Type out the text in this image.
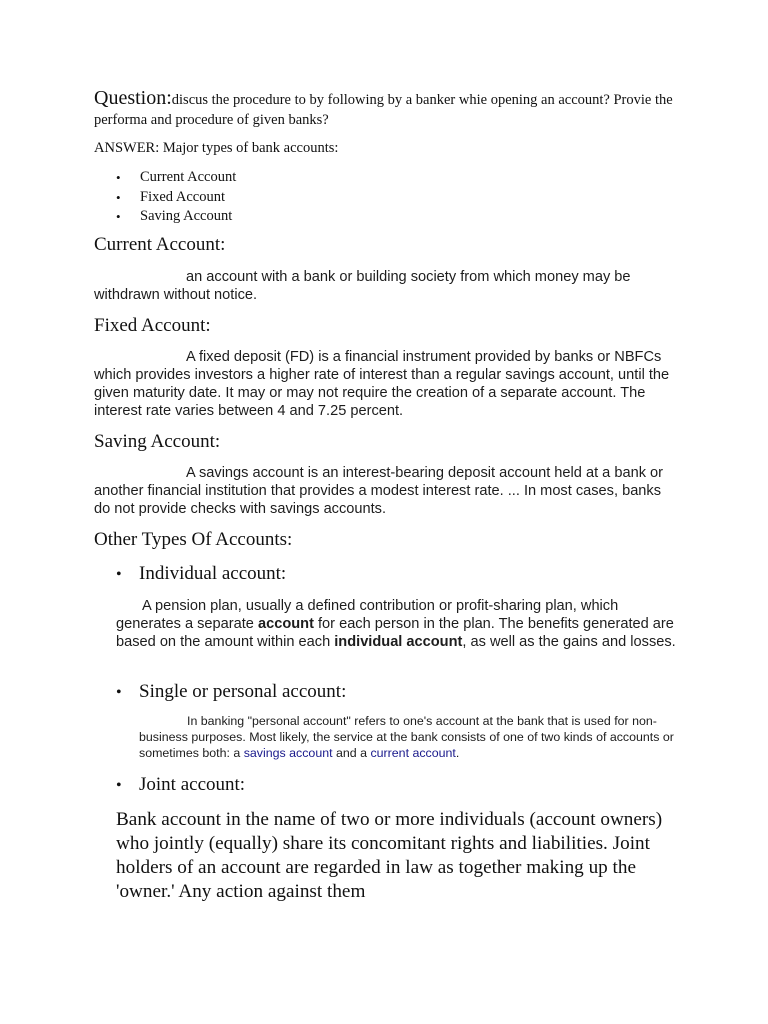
Question:discus the procedure to by following by a banker whie opening an account? Provie the performa and procedure of given banks?
ANSWER: Major types of bank accounts:
• Current Account
• Fixed Account
• Saving Account
Current Account:

an account with a bank or building society from which money may be withdrawn without notice.

Fixed Account:

A fixed deposit (FD) is a financial instrument provided by banks or NBFCs which provides investors a higher rate of interest than a regular savings account, until the given maturity date. It may or may not require the creation of a separate account. The interest rate varies between 4 and 7.25 percent.

Saving Account:

A savings account is an interest-bearing deposit account held at a bank or another financial institution that provides a modest interest rate. ... In most cases, banks do not provide checks with savings accounts.

Other Types Of Accounts:
• Individual account:

A pension plan, usually a defined contribution or profit-sharing plan, which generates a separate account for each person in the plan. The benefits generated are based on the amount within each individual account, as well as the gains and losses.

• Single or personal account:

In banking "personal account" refers to one's account at the bank that is used for non-business purposes. Most likely, the service at the bank consists of one of two kinds of accounts or sometimes both: a savings account and a current account.

• Joint account:

Bank account in the name of two or more individuals (account owners) who jointly (equally) share its concomitant rights and liabilities. Joint holders of an account are regarded in law as together making up the 'owner.' Any action against them
